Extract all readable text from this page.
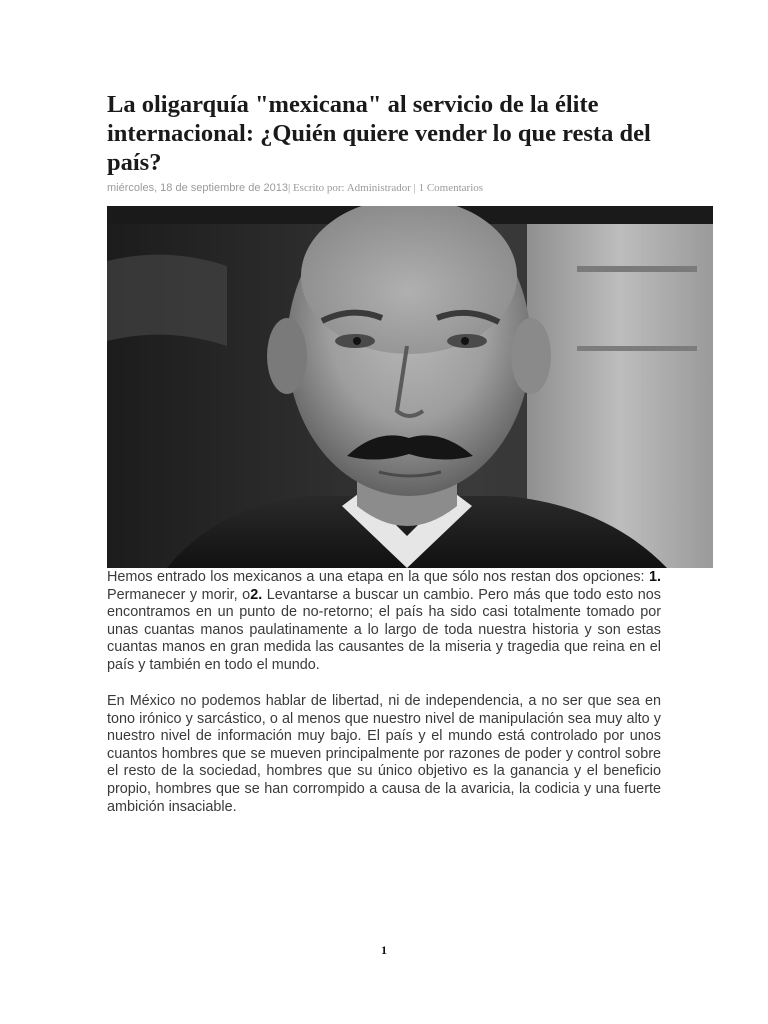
La oligarquía "mexicana" al servicio de la élite internacional: ¿Quién quiere vender lo que resta del país?
miércoles, 18 de septiembre de 2013| Escrito por: Administrador | 1 Comentarios

Hemos entrado los mexicanos a una etapa en la que sólo nos restan dos opciones: 1. Permanecer y morir, o2. Levantarse a buscar un cambio. Pero más que todo esto nos encontramos en un punto de no-retorno; el país ha sido casi totalmente tomado por unas cuantas manos paulatinamente a lo largo de toda nuestra historia y son estas cuantas manos en gran medida las causantes de la miseria y tragedia que reina en el país y también en todo el mundo.

En México no podemos hablar de libertad, ni de independencia, a no ser que sea en tono irónico y sarcástico, o al menos que nuestro nivel de manipulación sea muy alto y nuestro nivel de información muy bajo. El país y el mundo está controlado por unos cuantos hombres que se mueven principalmente por razones de poder y control sobre el resto de la sociedad, hombres que su único objetivo es la ganancia y el beneficio propio, hombres que se han corrompido a causa de la avaricia, la codicia y una fuerte ambición insaciable.

1
